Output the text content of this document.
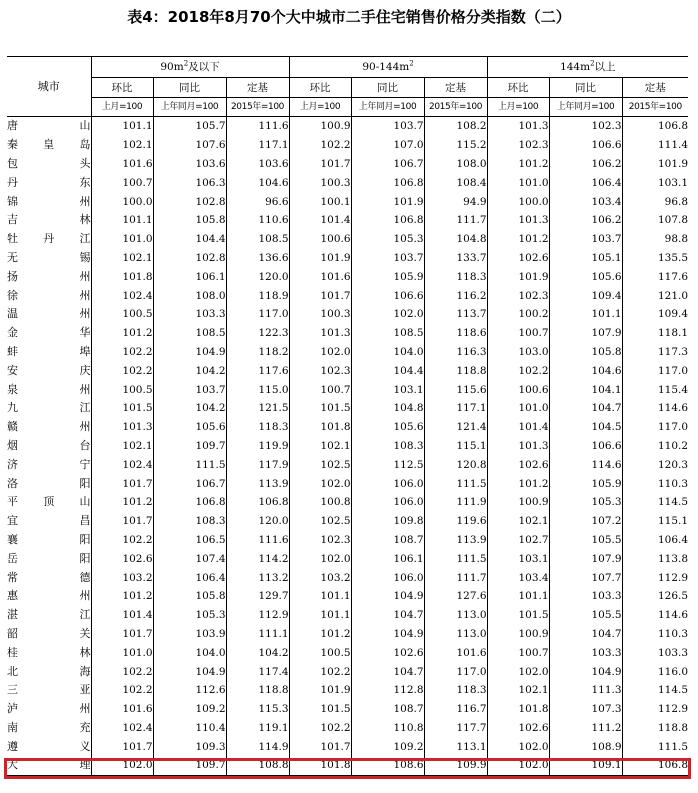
表4：2018年8月70个大中城市二手住宅销售价格分类指数（二）
城市	$90m^2$及以下			$90-144m^2$			$144m^2$以上		
	环比	同比	定基	环比	同比	定基	环比	同比	定基
	上月=100	上年同月=100	2015年=100	上月=100	上年同月=100	2015年=100	上月=100	上年同月=100	2015年=100
唐山	101.1	105.7	111.6	100.9	103.7	108.2	101.3	102.3	106.8
秦皇岛	102.1	107.6	117.1	102.2	107.0	115.2	102.3	106.6	111.4
包头	101.6	103.6	103.6	101.7	106.7	108.0	101.2	106.2	101.9
丹东	100.7	106.3	104.6	100.3	106.8	108.4	101.0	106.4	103.1
锦州	100.0	102.8	96.6	100.1	101.9	94.9	100.0	103.4	96.8
吉林	101.1	105.8	110.6	101.4	106.8	111.7	101.3	106.2	107.8
牡丹江	101.0	104.4	108.5	100.6	105.3	104.8	101.2	103.7	98.8
无锡	102.1	102.8	136.6	101.9	103.7	133.7	102.6	105.1	135.5
扬州	101.8	106.1	120.0	101.6	105.9	118.3	101.9	105.6	117.6
徐州	102.4	108.0	118.9	101.7	106.6	116.2	102.3	109.4	121.0
温州	100.5	103.3	117.0	100.3	102.0	113.7	100.2	101.1	109.4
金华	101.2	108.5	122.3	101.3	108.5	118.6	100.7	107.9	118.1
蚌埠	102.2	104.9	118.2	102.0	104.0	116.3	103.0	105.8	117.3
安庆	102.2	104.2	117.6	102.3	104.4	118.8	102.2	104.6	117.0
泉州	100.5	103.7	115.0	100.7	103.1	115.6	100.6	104.1	115.4
九江	101.5	104.2	121.5	101.5	104.8	117.1	101.0	104.7	114.6
赣州	101.3	105.6	118.3	101.8	105.6	121.4	101.4	104.5	117.0
烟台	102.1	109.7	119.9	102.1	108.3	115.1	101.3	106.6	110.2
济宁	102.4	111.5	117.9	102.5	112.5	120.8	102.6	114.6	120.3
洛阳	101.7	106.7	113.9	102.0	106.0	111.5	101.2	105.9	110.3
平顶山	101.2	106.8	106.8	100.8	106.0	111.9	100.9	105.3	114.5
宜昌	101.7	108.3	120.0	102.5	109.8	119.6	102.1	107.2	115.1
襄阳	102.2	106.5	111.6	102.3	108.7	113.9	102.7	105.5	106.4
岳阳	102.6	107.4	114.2	102.0	106.1	111.5	103.1	107.9	113.8
常德	103.2	106.4	113.2	103.2	106.0	111.7	103.4	107.7	112.9
惠州	101.2	105.8	129.7	101.1	104.9	127.6	101.1	103.3	126.5
湛江	101.4	105.3	112.9	101.1	104.7	113.0	101.5	105.5	114.6
韶关	101.7	103.9	111.1	101.2	104.9	113.0	100.9	104.7	110.3
桂林	101.0	104.0	104.2	100.5	102.6	101.6	100.7	103.3	103.3
北海	102.2	104.9	117.4	102.2	104.7	117.0	102.0	104.9	116.0
三亚	102.2	112.6	118.8	101.9	112.8	118.3	102.1	111.3	114.5
泸州	101.6	109.2	115.3	101.5	108.7	116.7	101.8	107.3	112.9
南充	102.4	110.4	119.1	102.2	110.8	117.7	102.6	111.2	118.8
遵义	101.7	109.3	114.9	101.7	109.2	113.1	102.0	108.9	111.5
大理	102.0	109.7	108.8	101.8	108.6	109.9	102.0	109.1	106.8
